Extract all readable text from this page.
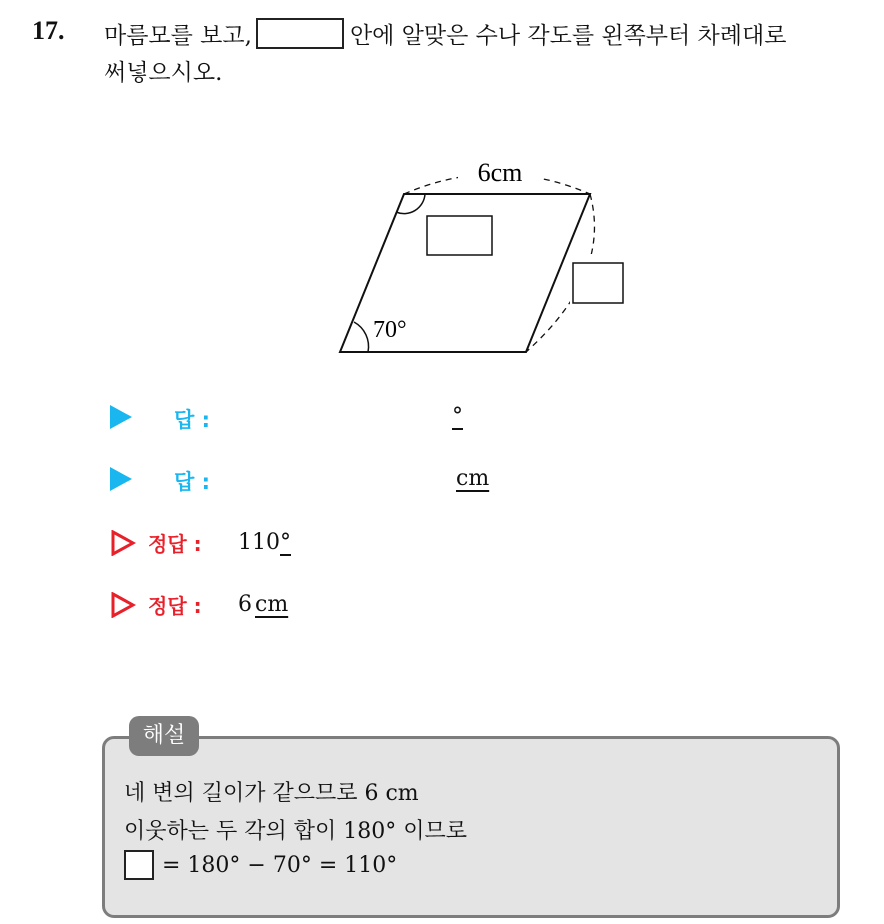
17. 마름모를 보고,	안에 알맞은 수나 각도를 왼쪽부터 차례대로
써넣으시오.
6cm
70°
답 :	°
답 :	cm
정답 : 110°
정답 : 6 cm
해설
네 변의 길이가 같으므로 6 cm
이웃하는 두 각의 합이 180° 이므로
= 180° − 70° = 110°
